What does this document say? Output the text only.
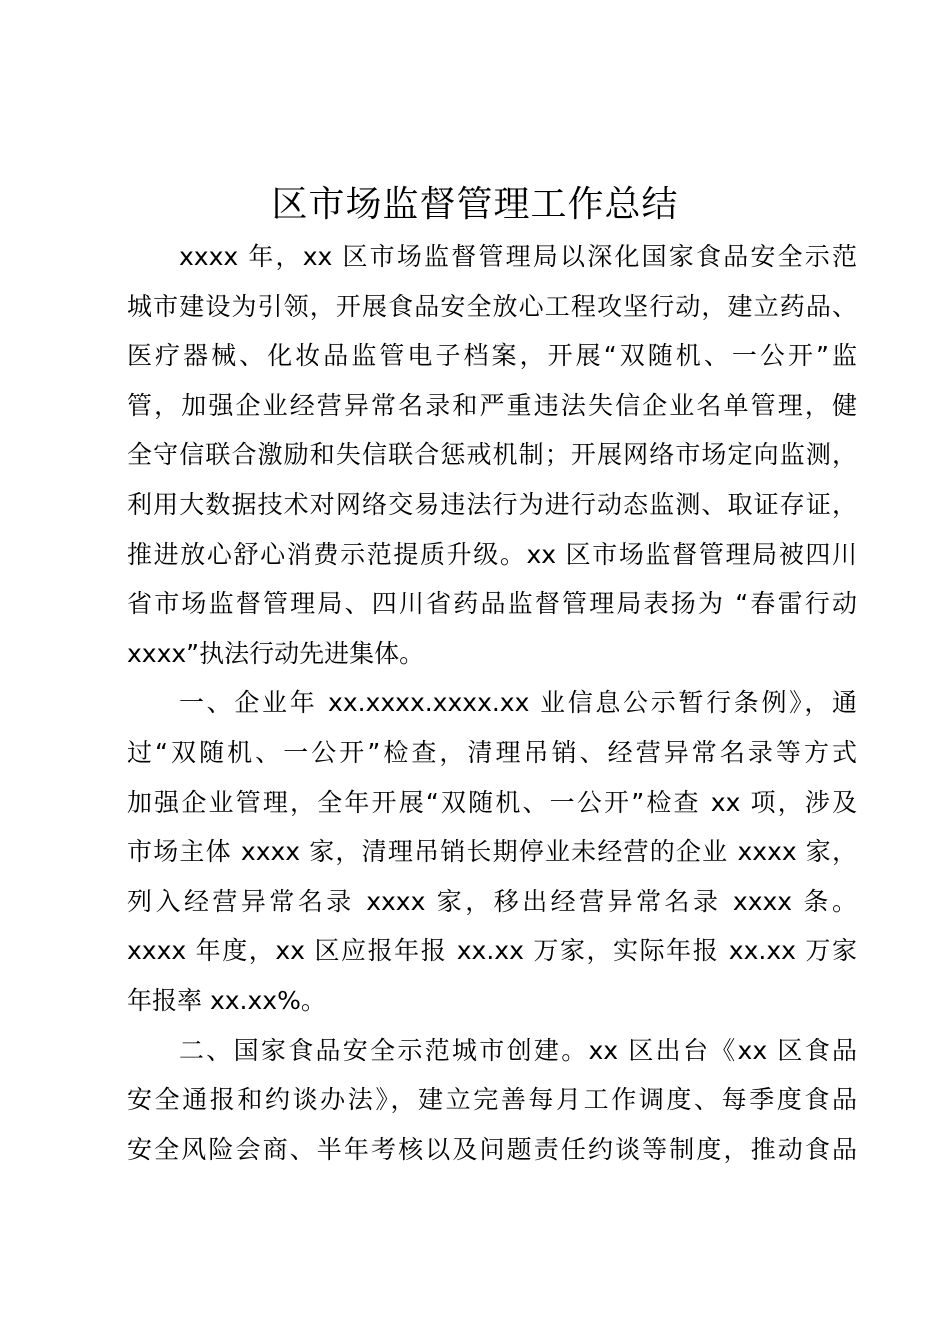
区市场监督管理工作总结
xxxx 年，xx 区市场监督管理局以深化国家食品安全示范
城市建设为引领，开展食品安全放心工程攻坚行动，建立药品、
医疗器械、化妆品监管电子档案，开展“双随机、一公开”监
管，加强企业经营异常名录和严重违法失信企业名单管理，健
全守信联合激励和失信联合惩戒机制；开展网络市场定向监测，
利用大数据技术对网络交易违法行为进行动态监测、取证存证，
推进放心舒心消费示范提质升级。xx 区市场监督管理局被四川
省市场监督管理局、四川省药品监督管理局表扬为 “春雷行动
xxxx”执法行动先进集体。
一、企业年 xx.xxxx.xxxx.xx 业信息公示暂行条例》，通
过“双随机、一公开”检查，清理吊销、经营异常名录等方式
加强企业管理，全年开展“双随机、一公开”检查 xx 项，涉及
市场主体 xxxx 家，清理吊销长期停业未经营的企业 xxxx 家，
列入经营异常名录 xxxx 家，移出经营异常名录 xxxx 条。
xxxx 年度，xx 区应报年报 xx.xx 万家，实际年报 xx.xx 万家
年报率 xx.xx%。
二、国家食品安全示范城市创建。xx 区出台《xx 区食品
安全通报和约谈办法》，建立完善每月工作调度、每季度食品
安全风险会商、半年考核以及问题责任约谈等制度，推动食品
